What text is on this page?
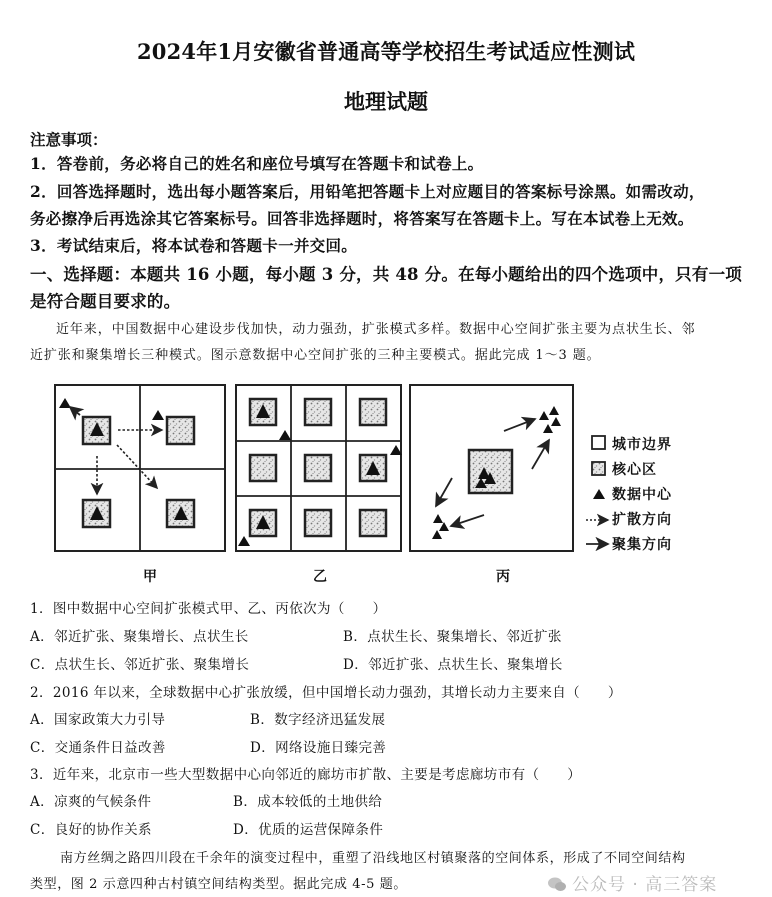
2024年1月安徽省普通高等学校招生考试适应性测试
地理试题
注意事项：
1．答卷前，务必将自己的姓名和座位号填写在答题卡和试卷上。
2．回答选择题时，选出每小题答案后，用铅笔把答题卡上对应题目的答案标号涂黑。如需改动，
务必擦净后再选涂其它答案标号。回答非选择题时，将答案写在答题卡上。写在本试卷上无效。
3．考试结束后，将本试卷和答题卡一并交回。
一、选择题：本题共 16 小题，每小题 3 分，共 48 分。在每小题给出的四个选项中，只有一项
是符合题目要求的。
近年来，中国数据中心建设步伐加快，动力强劲，扩张模式多样。数据中心空间扩张主要为点状生长、邻
近扩张和聚集增长三种模式。图示意数据中心空间扩张的三种主要模式。据此完成 1～3 题。
甲	乙	丙
城市边界
核心区
数据中心
扩散方向
聚集方向
1．图中数据中心空间扩张模式甲、乙、丙依次为（　　）
A．邻近扩张、聚集增长、点状生长	B．点状生长、聚集增长、邻近扩张
C．点状生长、邻近扩张、聚集增长	D．邻近扩张、点状生长、聚集增长
2．2016 年以来，全球数据中心扩张放缓，但中国增长动力强劲，其增长动力主要来自（　　）
A．国家政策大力引导	B．数字经济迅猛发展
C．交通条件日益改善	D．网络设施日臻完善
3．近年来，北京市一些大型数据中心向邻近的廊坊市扩散、主要是考虑廊坊市有（　　）
A．凉爽的气候条件	B．成本较低的土地供给
C．良好的协作关系	D．优质的运营保障条件
南方丝绸之路四川段在千余年的演变过程中，重塑了沿线地区村镇聚落的空间体系，形成了不同空间结构
类型，图 2 示意四种古村镇空间结构类型。据此完成 4-5 题。	公众号 · 高三答案
